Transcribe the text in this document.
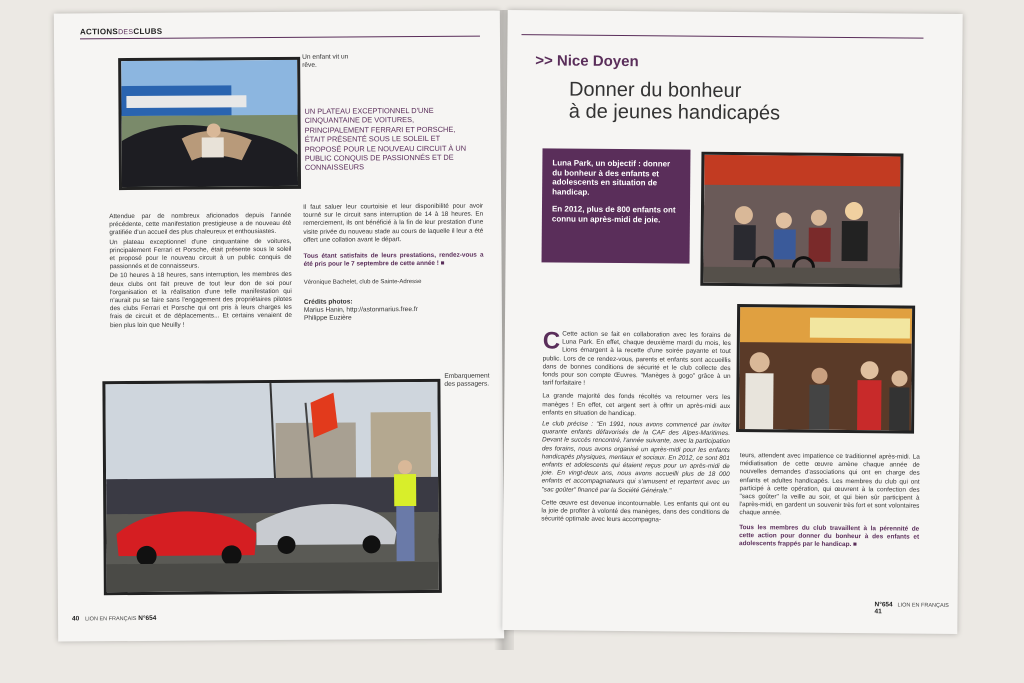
ACTIONSDESCLUBS
Un enfant vit un rêve.
UN PLATEAU EXCEPTIONNEL D'UNE CINQUANTAINE DE VOITURES, PRINCIPALEMENT FERRARI ET PORSCHE, ÉTAIT PRÉSENTÉ SOUS LE SOLEIL ET PROPOSÉ POUR LE NOUVEAU CIRCUIT À UN PUBLIC CONQUIS DE PASSIONNÉS ET DE CONNAISSEURS

Attendue par de nombreux aficionados depuis l'année précédente, cette manifestation prestigieuse a de nouveau été gratifiée d'un accueil des plus chaleureux et enthousiastes.

Un plateau exceptionnel d'une cinquantaine de voitures, principalement Ferrari et Porsche, était présente sous le soleil et proposé pour le nouveau circuit à un public conquis de passionnés et de connaisseurs.

De 10 heures à 18 heures, sans interruption, les membres des deux clubs ont fait preuve de tout leur don de soi pour l'organisation et la réalisation d'une telle manifestation qui n'aurait pu se faire sans l'engagement des propriétaires pilotes des clubs Ferrari et Porsche qui ont pris à leurs charges les frais de circuit et de déplacements... Et certains venaient de bien plus loin que Neuilly !

Il faut saluer leur courtoisie et leur disponibilité pour avoir tourné sur le circuit sans interruption de 14 à 18 heures. En remerciement, ils ont bénéficié à la fin de leur prestation d'une visite privée du nouveau stade au cours de laquelle il leur a été offert une collation avant le départ.

Tous étant satisfaits de leurs prestations, rendez-vous a été pris pour le 7 septembre de cette année ! ■

Véronique Bachelet, club de Sainte-Adresse
Crédits photos:
Marius Hanin, http://astonmarius.free.fr
Philippe Euzière
Embarquement des passagers.
40 LION EN FRANÇAIS N°654
>> Nice Doyen
Donner du bonheur
à de jeunes handicapés
Luna Park, un objectif : donner du bonheur à des enfants et adolescents en situation de handicap.
En 2012, plus de 800 enfants ont connu un après-midi de joie.

C Cette action se fait en collaboration avec les forains de Luna Park. En effet, chaque deuxième mardi du mois, les Lions émargent à la recette d'une soirée payante et tout public. Lors de ce rendez-vous, parents et enfants sont accueillis dans de bonnes conditions de sécurité et le club collecte des fonds pour son compte Œuvres. "Manèges à gogo" grâce à un tarif forfaitaire !

La grande majorité des fonds récoltés va retourner vers les manèges ! En effet, cet argent sert à offrir un après-midi aux enfants en situation de handicap.

Le club précise : "En 1991, nous avons commencé par inviter quarante enfants défavorisés de la CAF des Alpes-Maritimes. Devant le succès rencontré, l'année suivante, avec la participation des forains, nous avons organisé un après-midi pour les enfants handicapés physiques, mentaux et sociaux. En 2012, ce sont 801 enfants et adolescents qui étaient reçus pour un après-midi de joie. En vingt-deux ans, nous avons accueilli plus de 18 000 enfants et accompagnateurs qui s'amusent et repartent avec un "sac goûter" financé par la Société Générale."

Cette œuvre est devenue incontournable. Les enfants qui ont eu la joie de profiter à volonté des manèges, dans des conditions de sécurité optimale avec leurs accompagna-

teurs, attendent avec impatience ce traditionnel après-midi. La médiatisation de cette œuvre amène chaque année de nouvelles demandes d'associations qui ont en charge des enfants et adultes handicapés. Les membres du club qui ont participé à cette opération, qui œuvrent à la confection des "sacs goûter" la veille au soir, et qui bien sûr participent à l'après-midi, en gardent un souvenir très fort et sont volontaires chaque année.

Tous les membres du club travaillent à la pérennité de cette action pour donner du bonheur à des enfants et adolescents frappés par le handicap. ■

N°654 LION EN FRANÇAIS 41
